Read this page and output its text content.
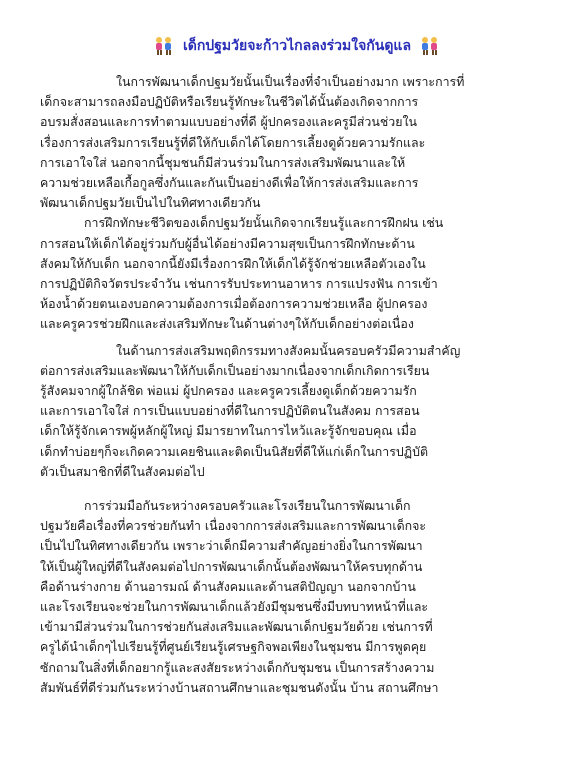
เด็กปฐมวัยจะก้าวไกลลงร่วมใจกันดูแล

ในการพัฒนาเด็กปฐมวัยนั้นเป็นเรื่องที่จำเป็นอย่างมาก เพราะการที่

เด็กจะสามารถลงมือปฏิบัติหรือเรียนรู้ทักษะในชีวิตได้นั้นต้องเกิดจากการ

อบรมสั่งสอนและการทำตามแบบอย่างที่ดี ผู้ปกครองและครูมีส่วนช่วยใน

เรื่องการส่งเสริมการเรียนรู้ที่ดีให้กับเด็กได้โดยการเลี้ยงดูด้วยความรักและ

การเอาใจใส่ นอกจากนี้ชุมชนก็มีส่วนร่วมในการส่งเสริมพัฒนาและให้

ความช่วยเหลือเกื้อกูลซึ่งกันและกันเป็นอย่างดีเพื่อให้การส่งเสริมและการ

พัฒนาเด็กปฐมวัยเป็นไปในทิศทางเดียวกัน

การฝึกทักษะชีวิตของเด็กปฐมวัยนั้นเกิดจากเรียนรู้และการฝึกฝน เช่น

การสอนให้เด็กได้อยู่ร่วมกับผู้อื่นได้อย่างมีความสุขเป็นการฝึกทักษะด้าน

สังคมให้กับเด็ก นอกจากนี้ยังมีเรื่องการฝึกให้เด็กได้รู้จักช่วยเหลือตัวเองใน

การปฏิบัติกิจวัตรประจำวัน เช่นการรับประทานอาหาร การแปรงฟัน การเข้า

ห้องน้ำด้วยตนเองบอกความต้องการเมื่อต้องการความช่วยเหลือ ผู้ปกครอง

และครูควรช่วยฝึกและส่งเสริมทักษะในด้านต่างๆให้กับเด็กอย่างต่อเนื่อง

ในด้านการส่งเสริมพฤติกรรมทางสังคมนั้นครอบครัวมีความสำคัญ

ต่อการส่งเสริมและพัฒนาให้กับเด็กเป็นอย่างมากเนื่องจากเด็กเกิดการเรียน

รู้สังคมจากผู้ใกล้ชิด พ่อแม่ ผู้ปกครอง และครูควรเลี้ยงดูเด็กด้วยความรัก

และการเอาใจใส่ การเป็นแบบอย่างที่ดีในการปฏิบัติตนในสังคม การสอน

เด็กให้รู้จักเคารพผู้หลักผู้ใหญ่ มีมารยาทในการไหว้และรู้จักขอบคุณ เมื่อ

เด็กทำบ่อยๆก็จะเกิดความเคยชินและติดเป็นนิสัยที่ดีให้แก่เด็กในการปฏิบัติ

ตัวเป็นสมาชิกที่ดีในสังคมต่อไป

การร่วมมือกันระหว่างครอบครัวและโรงเรียนในการพัฒนาเด็ก

ปฐมวัยคือเรื่องที่ควรช่วยกันทำ เนื่องจากการส่งเสริมและการพัฒนาเด็กจะ

เป็นไปในทิศทางเดียวกัน เพราะว่าเด็กมีความสำคัญอย่างยิ่งในการพัฒนา

ให้เป็นผู้ใหญ่ที่ดีในสังคมต่อไปการพัฒนาเด็กนั้นต้องพัฒนาให้ครบทุกด้าน

คือด้านร่างกาย ด้านอารมณ์ ด้านสังคมและด้านสติปัญญา นอกจากบ้าน

และโรงเรียนจะช่วยในการพัฒนาเด็กแล้วยังมีชุมชนซึ่งมีบทบาทหน้าที่และ

เข้ามามีส่วนร่วมในการช่วยกันส่งเสริมและพัฒนาเด็กปฐมวัยด้วย เช่นการที่

ครูได้นำเด็กๆไปเรียนรู้ที่ศูนย์เรียนรู้เศรษฐกิจพอเพียงในชุมชน มีการพูดคุย

ซักถามในสิ่งที่เด็กอยากรู้และสงสัยระหว่างเด็กกับชุมชน เป็นการสร้างความ

สัมพันธ์ที่ดีร่วมกันระหว่างบ้านสถานศึกษาและชุมชนดังนั้น บ้าน สถานศึกษา
